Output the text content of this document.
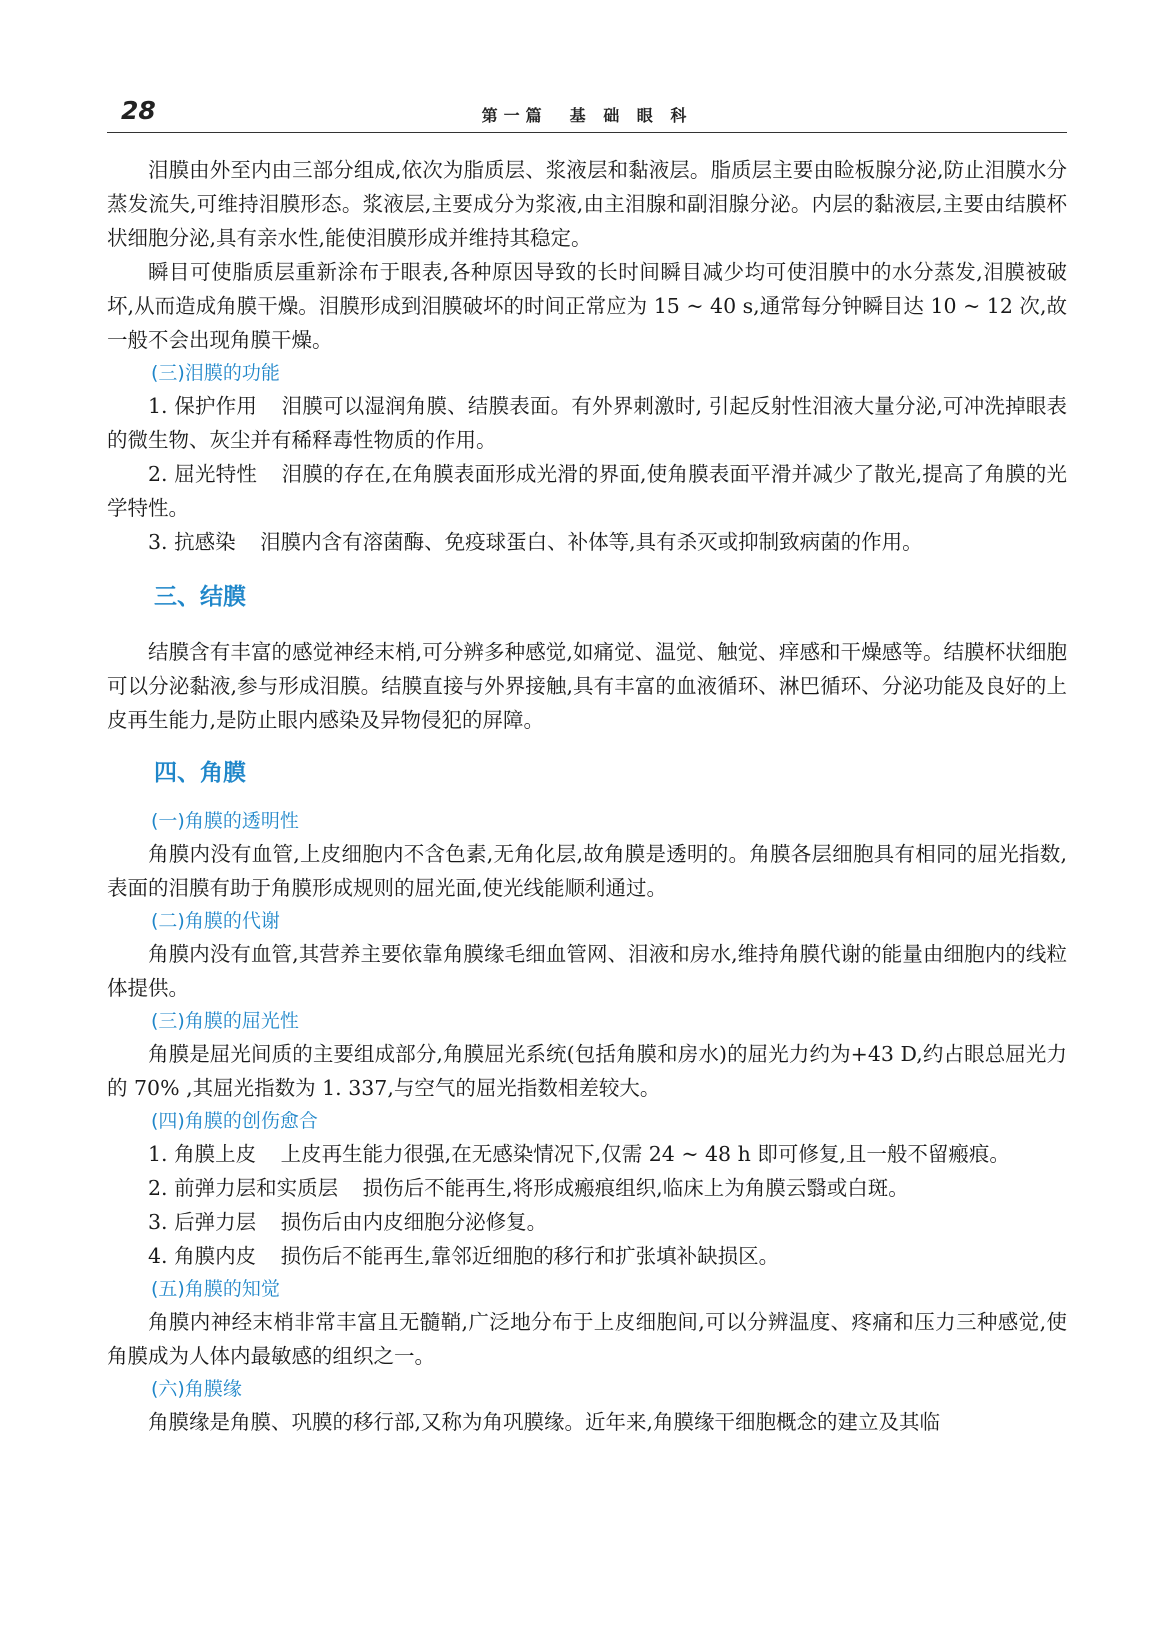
28	第一篇　基 础 眼 科

泪膜由外至内由三部分组成,依次为脂质层、浆液层和黏液层。脂质层主要由睑板腺分泌,防止泪膜水分蒸发流失,可维持泪膜形态。浆液层,主要成分为浆液,由主泪腺和副泪腺分泌。内层的黏液层,主要由结膜杯状细胞分泌,具有亲水性,能使泪膜形成并维持其稳定。

瞬目可使脂质层重新涂布于眼表,各种原因导致的长时间瞬目减少均可使泪膜中的水分蒸发,泪膜被破坏,从而造成角膜干燥。泪膜形成到泪膜破坏的时间正常应为 15 ~ 40 s,通常每分钟瞬目达 10 ~ 12 次,故一般不会出现角膜干燥。

(三)泪膜的功能

1. 保护作用 泪膜可以湿润角膜、结膜表面。有外界刺激时, 引起反射性泪液大量分泌,可冲洗掉眼表的微生物、灰尘并有稀释毒性物质的作用。

2. 屈光特性 泪膜的存在,在角膜表面形成光滑的界面,使角膜表面平滑并减少了散光,提高了角膜的光学特性。

3. 抗感染 泪膜内含有溶菌酶、免疫球蛋白、补体等,具有杀灭或抑制致病菌的作用。

三、结膜

结膜含有丰富的感觉神经末梢,可分辨多种感觉,如痛觉、温觉、触觉、痒感和干燥感等。结膜杯状细胞可以分泌黏液,参与形成泪膜。结膜直接与外界接触,具有丰富的血液循环、淋巴循环、分泌功能及良好的上皮再生能力,是防止眼内感染及异物侵犯的屏障。

四、角膜
(一)角膜的透明性

角膜内没有血管,上皮细胞内不含色素,无角化层,故角膜是透明的。角膜各层细胞具有相同的屈光指数,表面的泪膜有助于角膜形成规则的屈光面,使光线能顺利通过。

(二)角膜的代谢

角膜内没有血管,其营养主要依靠角膜缘毛细血管网、泪液和房水,维持角膜代谢的能量由细胞内的线粒体提供。

(三)角膜的屈光性

角膜是屈光间质的主要组成部分,角膜屈光系统(包括角膜和房水)的屈光力约为+43 D,约占眼总屈光力的 70% ,其屈光指数为 1. 337,与空气的屈光指数相差较大。

(四)角膜的创伤愈合

1. 角膜上皮 上皮再生能力很强,在无感染情况下,仅需 24 ~ 48 h 即可修复,且一般不留瘢痕。

2. 前弹力层和实质层 损伤后不能再生,将形成瘢痕组织,临床上为角膜云翳或白斑。

3. 后弹力层 损伤后由内皮细胞分泌修复。

4. 角膜内皮 损伤后不能再生,靠邻近细胞的移行和扩张填补缺损区。

(五)角膜的知觉

角膜内神经末梢非常丰富且无髓鞘,广泛地分布于上皮细胞间,可以分辨温度、疼痛和压力三种感觉,使角膜成为人体内最敏感的组织之一。

(六)角膜缘

角膜缘是角膜、巩膜的移行部,又称为角巩膜缘。近年来,角膜缘干细胞概念的建立及其临
